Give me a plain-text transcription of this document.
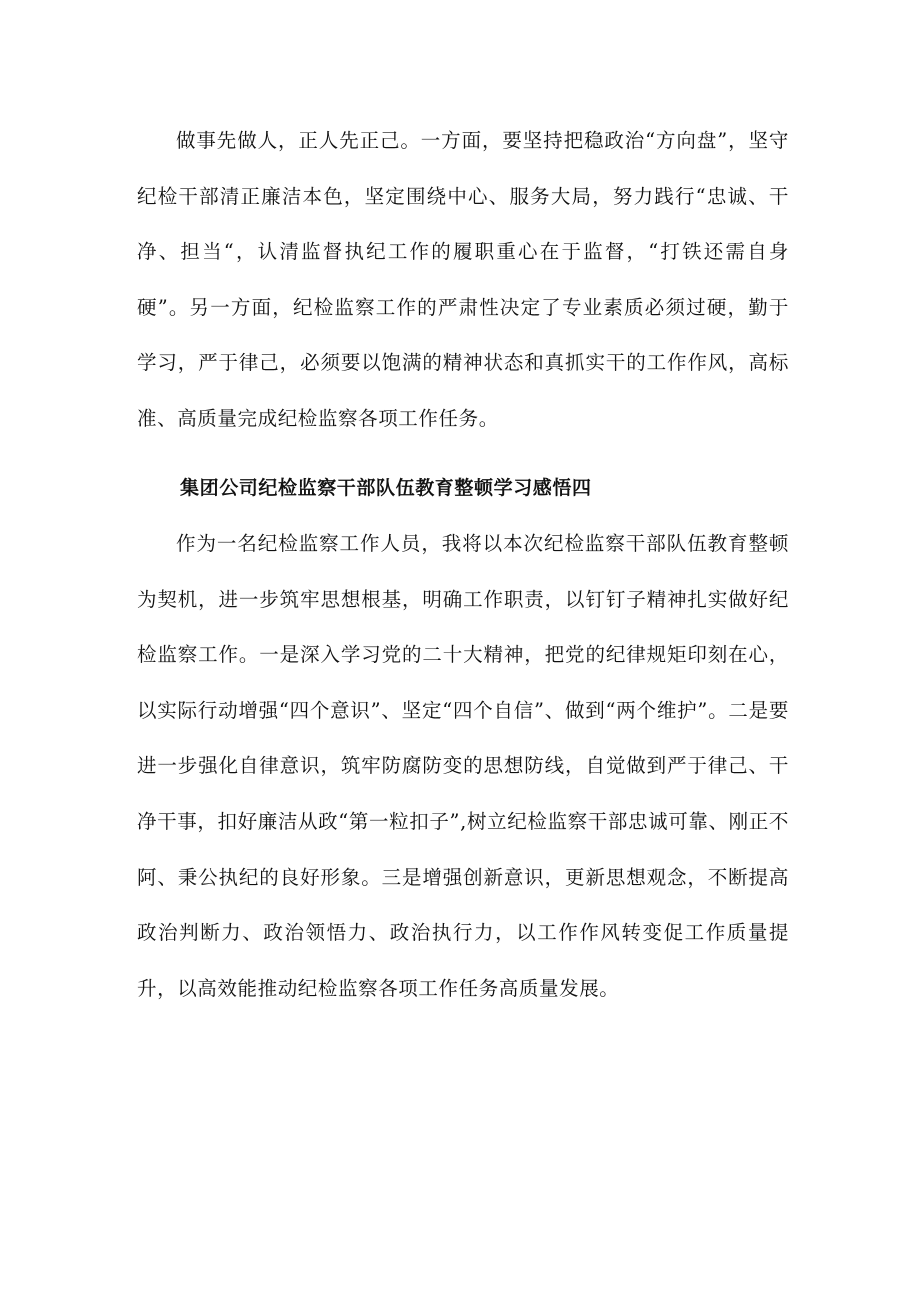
做事先做人，正人先正己。一方面，要坚持把稳政治“方向盘”，坚守纪检干部清正廉洁本色，坚定围绕中心、服务大局，努力践行“忠诚、干净、担当“，认清监督执纪工作的履职重心在于监督，“打铁还需自身硬”。另一方面，纪检监察工作的严肃性决定了专业素质必须过硬，勤于学习，严于律己，必须要以饱满的精神状态和真抓实干的工作作风，高标准、高质量完成纪检监察各项工作任务。

集团公司纪检监察干部队伍教育整顿学习感悟四

作为一名纪检监察工作人员，我将以本次纪检监察干部队伍教育整顿为契机，进一步筑牢思想根基，明确工作职责，以钉钉子精神扎实做好纪检监察工作。一是深入学习党的二十大精神，把党的纪律规矩印刻在心，以实际行动增强“四个意识”、坚定“四个自信”、做到“两个维护”。二是要进一步强化自律意识，筑牢防腐防变的思想防线，自觉做到严于律己、干净干事，扣好廉洁从政“第一粒扣子”,树立纪检监察干部忠诚可靠、刚正不阿、秉公执纪的良好形象。三是增强创新意识，更新思想观念，不断提高政治判断力、政治领悟力、政治执行力，以工作作风转变促工作质量提升，以高效能推动纪检监察各项工作任务高质量发展。
